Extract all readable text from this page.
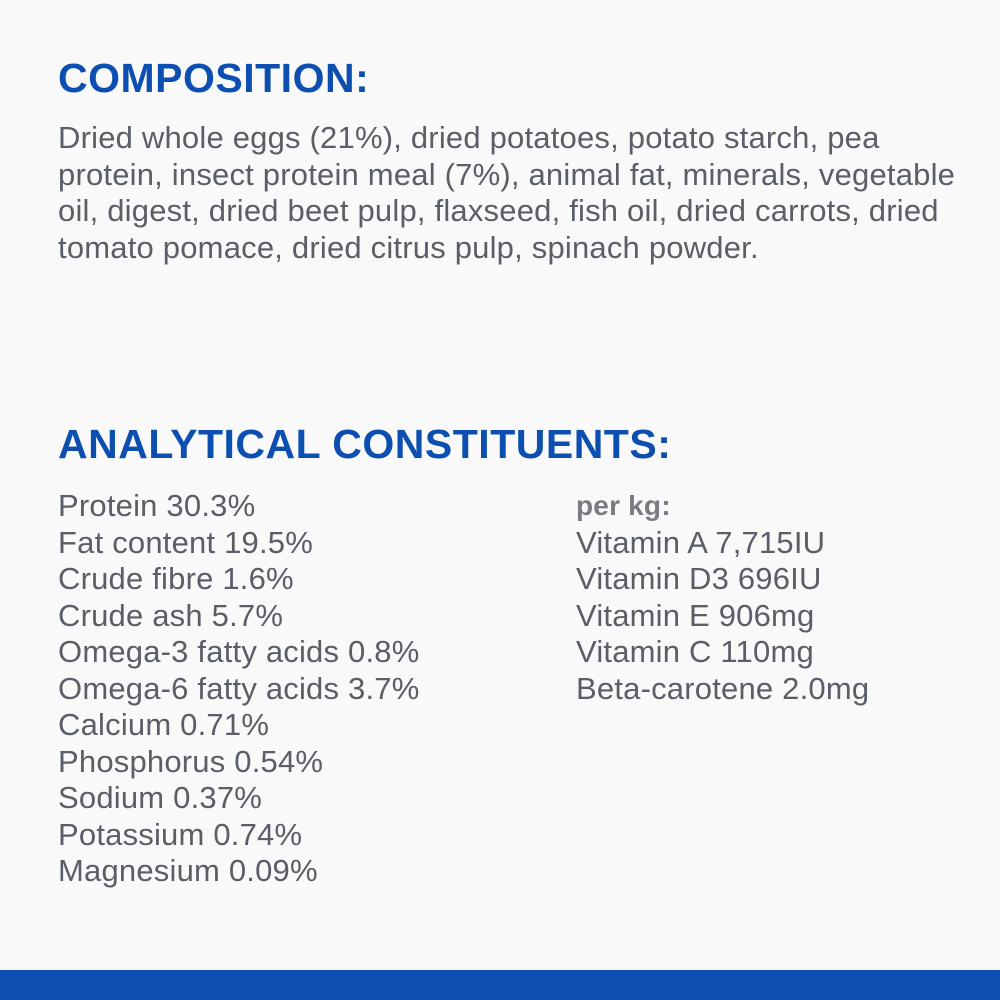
COMPOSITION:

Dried whole eggs (21%), dried potatoes, potato starch, pea protein, insect protein meal (7%), animal fat, minerals, vegetable oil, digest, dried beet pulp, flaxseed, fish oil, dried carrots, dried tomato pomace, dried citrus pulp, spinach powder.

ANALYTICAL CONSTITUENTS:
Protein 30.3%
Fat content 19.5%
Crude fibre 1.6%
Crude ash 5.7%
Omega-3 fatty acids 0.8%
Omega-6 fatty acids 3.7%
Calcium 0.71%
Phosphorus 0.54%
Sodium 0.37%
Potassium 0.74%
Magnesium 0.09%
per kg:
Vitamin A 7,715IU
Vitamin D3 696IU
Vitamin E 906mg
Vitamin C 110mg
Beta-carotene 2.0mg
